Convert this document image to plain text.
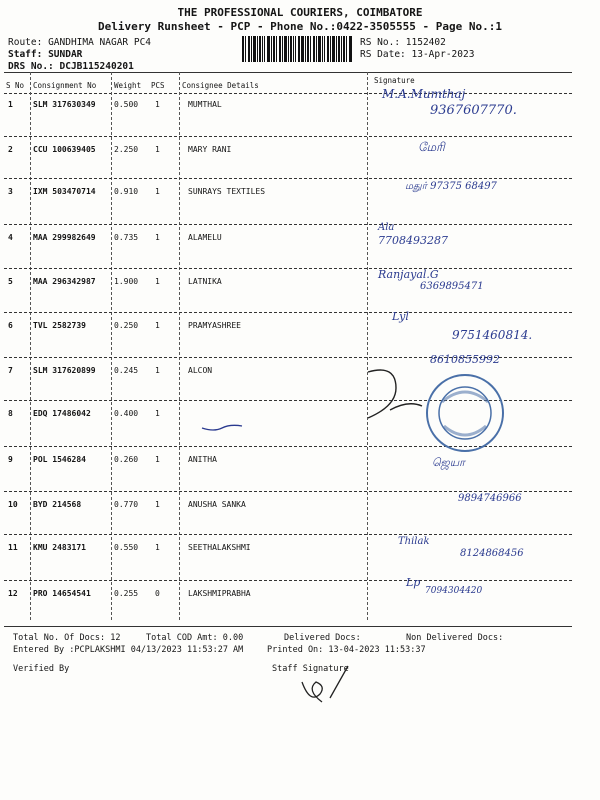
THE PROFESSIONAL COURIERS, COIMBATORE
Delivery Runsheet - PCP - Phone No.:0422-3505555 - Page No.:1
Route: GANDHIMA NAGAR PC4
Staff: SUNDAR
DRS No.: DCJB115240201
RS No.: 1152402
RS Date: 13-Apr-2023
S No Consignment No Weight PCS Consignee Details
Signature
1	SLM 317630349 0.500 1	MUMTHAL
M.A.Mumthaj
9367607770.
2	CCU 100639405 2.250 1	MARY RANI	மேரி
3	IXM 503470714 0.910 1	SUNRAYS TEXTILES	மதுர் 97375 68497
4	MAA 299982649 0.735 1	ALAMELU
Ala
7708493287
5	MAA 296342987 1.900 1	LATNIKA
Ranjayal.G
6369895471
6	TVL 2582739	0.250 1	PRAMYASHREE
Lyl
9751460814.
7	SLM 317620899 0.245 1	ALCON
8610855992
8	EDQ 17486042	0.400 1
9	POL 1546284	0.260 1	ANITHA	ஜெயா
10 BYD 214568	0.770 1	ANUSHA SANKA
9894746966
11 KMU 2483171	0.550 1	SEETHALAKSHMI
Thilak
8124868456
12 PRO 14654541	0.255 0	LAKSHMIPRABHA
Lp
7094304420
Total No. Of Docs: 12	Total COD Amt: 0.00	Delivered Docs:	Non Delivered Docs:
Entered By :PCPLAKSHMI 04/13/2023 11:53:27 AM	Printed On: 13-04-2023 11:53:37
Verified By	Staff Signature
